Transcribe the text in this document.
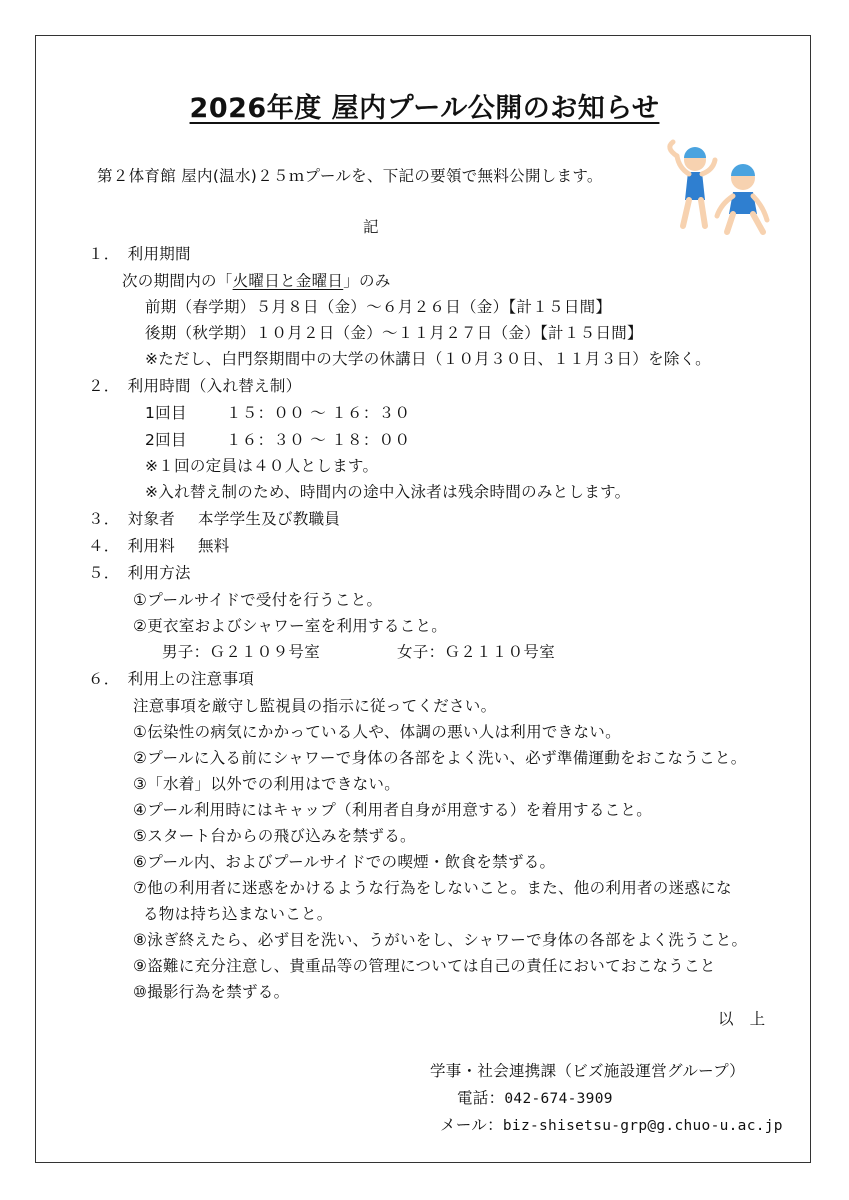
2026年度 屋内プール公開のお知らせ
第２体育館 屋内(温水)２５ｍプールを、下記の要領で無料公開します。
記
１．　利用期間
次の期間内の「火曜日と金曜日」のみ
前期（春学期）５月８日（金）～６月２６日（金）【計１５日間】
後期（秋学期）１０月２日（金）～１１月２７日（金）【計１５日間】
※ただし、白門祭期間中の大学の休講日（１０月３０日、１１月３日）を除く。
２．　利用時間（入れ替え制）
1回目	１５：００ ～ １６：３０
2回目	１６：３０ ～ １８：００
※１回の定員は４０人とします。
※入れ替え制のため、時間内の途中入泳者は残余時間のみとします。
３．　対象者 本学学生及び教職員
４．　利用料 無料
５．　利用方法
①プールサイドで受付を行うこと。
②更衣室およびシャワー室を利用すること。
男子：Ｇ２１０９号室	女子：Ｇ２１１０号室
６．　利用上の注意事項
注意事項を厳守し監視員の指示に従ってください。
①伝染性の病気にかかっている人や、体調の悪い人は利用できない。
②プールに入る前にシャワーで身体の各部をよく洗い、必ず準備運動をおこなうこと。
③「水着」以外での利用はできない。
④プール利用時にはキャップ（利用者自身が用意する）を着用すること。
⑤スタート台からの飛び込みを禁ずる。
⑥プール内、およびプールサイドでの喫煙・飲食を禁ずる。
⑦他の利用者に迷惑をかけるような行為をしないこと。また、他の利用者の迷惑にな
る物は持ち込まないこと。
⑧泳ぎ終えたら、必ず目を洗い、うがいをし、シャワーで身体の各部をよく洗うこと。
⑨盗難に充分注意し、貴重品等の管理については自己の責任においておこなうこと
⑩撮影行為を禁ずる。
以　上
学事・社会連携課（ビズ施設運営グループ）
電話：042-674-3909
メール：biz-shisetsu-grp@g.chuo-u.ac.jp
